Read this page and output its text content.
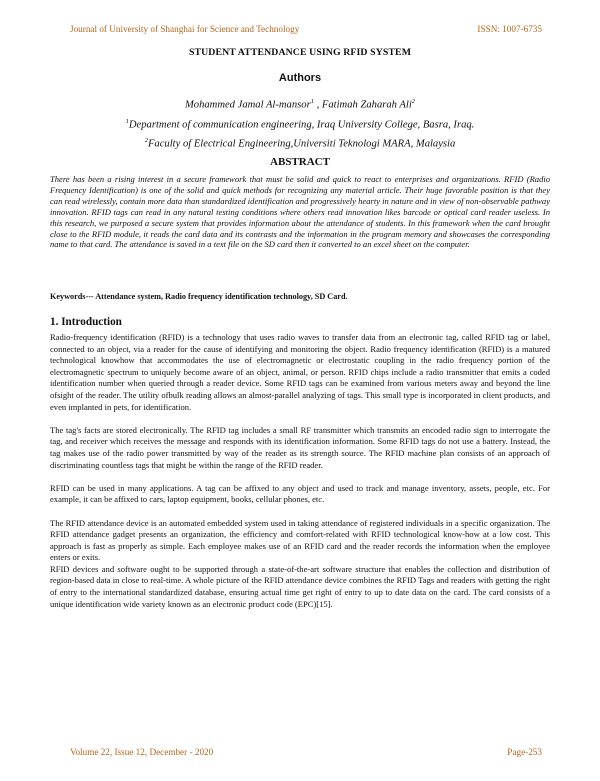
Journal of University of Shanghai for Science and Technology	ISSN: 1007-6735
STUDENT ATTENDANCE USING RFID SYSTEM
Authors
Mohammed Jamal Al-mansor$^1$ , Fatimah Zaharah Ali$^2$
$^1$Department of communication engineering, Iraq University College, Basra, Iraq.
$^2$Faculty of Electrical Engineering,Universiti Teknologi MARA, Malaysia
ABSTRACT
There has been a rising interest in a secure framework that must be solid and quick to react to enterprises and organizations. RFID (Radio Frequency Identification) is one of the solid and quick methods for recognizing any material article. Their huge favorable position is that they can read wirelessly, contain more data than standardized identification and progressively hearty in nature and in view of non-observable pathway innovation. RFID tags can read in any natural testing conditions where others read innovation likes barcode or optical card reader useless. In this research, we purposed a secure system that provides information about the attendance of students. In this framework when the card brought close to the RFID module, it reads the card data and its contrasts and the information in the program memory and showcases the corresponding name to that card. The attendance is saved in a text file on the SD card then it converted to an excel sheet on the computer.
Keywords--- Attendance system, Radio frequency identification technology, SD Card.
1. Introduction

Radio-frequency identification (RFID) is a technology that uses radio waves to transfer data from an electronic tag, called RFID tag or label, connected to an object, via a reader for the cause of identifying and monitoring the object. Radio frequency identification (RFID) is a matured technological knowhow that accommodates the use of electromagnetic or electrostatic coupling in the radio frequency portion of the electromagnetic spectrum to uniquely become aware of an object, animal, or person. RFID chips include a radio transmitter that emits a coded identification number when queried through a reader device. Some RFID tags can be examined from various meters away and beyond the line ofsight of the reader. The utility ofbulk reading allows an almost-parallel analyzing of tags. This small type is incorporated in client products, and even implanted in pets, for identification.

The tag's facts are stored electronically. The RFID tag includes a small RF transmitter which transmits an encoded radio sign to interrogate the tag, and receiver which receives the message and responds with its identification information. Some RFID tags do not use a battery. Instead, the tag makes use of the radio power transmitted by way of the reader as its strength source. The RFID machine plan consists of an approach of discriminating countless tags that might be within the range of the RFID reader.

RFID can be used in many applications. A tag can be affixed to any object and used to track and manage inventory, assets, people, etc. For example, it can be affixed to cars, laptop equipment, books, cellular phones, etc.

The RFID attendance device is an automated embedded system used in taking attendance of registered individuals in a specific organization. The RFID attendance gadget presents an organization, the efficiency and comfort-related with RFID technological know-how at a low cost. This approach is fast as properly as simple. Each employee makes use of an RFID card and the reader records the information when the employee enters or exits.

RFID devices and software ought to be supported through a state-of-the-art software structure that enables the collection and distribution of region-based data in close to real-time. A whole picture of the RFID attendance device combines the RFID Tags and readers with getting the right of entry to the international standardized database, ensuring actual time get right of entry to up to date data on the card. The card consists of a unique identification wide variety known as an electronic product code (EPC)[15].

Volume 22, Issue 12, December - 2020	Page-253
